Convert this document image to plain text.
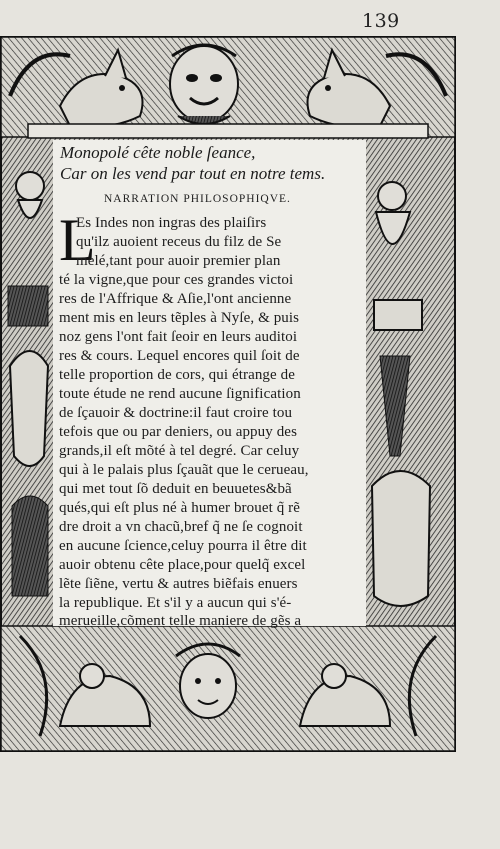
139
Monopolé cête noble ſeance,
Car on les vend par tout en notre tems.
NARRATION PHILOSOPHIQVE.
L
Es Indes non ingras des plaiſirs
qu'ilz auoient receus du filz de Se
melé,tant pour auoir premier plan
té la vigne,que pour ces grandes victoi
res de l'Affrique & Aſie,l'ont ancienne
ment mis en leurs tẽples à Nyſe, & puis
noz gens l'ont fait ſeoir en leurs auditoi
res & cours. Lequel encores quil ſoit de
telle proportion de cors, qui étrange de
toute étude ne rend aucune ſignification
de ſçauoir & doctrine:il faut croire tou
tefois que ou par deniers, ou appuy des
grands,il eſt mõté à tel degré. Car celuy
qui à le palais plus ſçauãt que le cerueau,
qui met tout ſõ deduit en beuuetes&bã
qués,qui eſt plus né à humer brouet q̃ rẽ
dre droit a vn chacũ,bref q̃ ne ſe cognoit
en aucune ſcience,celuy pourra il être dit
auoir obtenu cête place,pour quelq̃ excel
lẽte ſiẽne, vertu & autres biẽfais enuers
la republique. Et s'il y a aucun qui s'é-
merueille,cõment telle maniere de gẽs a
